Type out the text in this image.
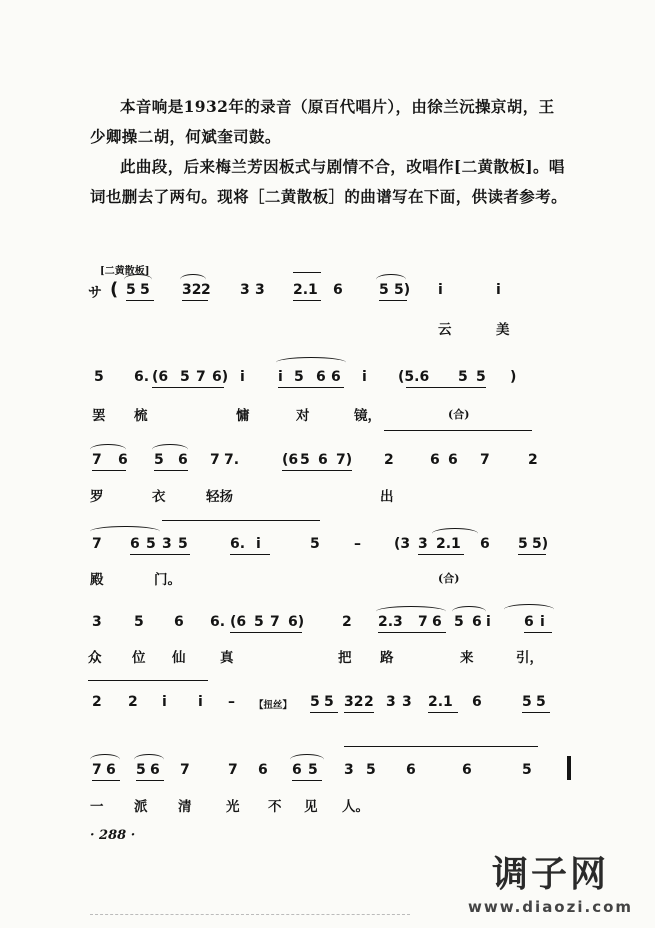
本音响是1932年的录音（原百代唱片），由徐兰沅操京胡，王少卿操二胡，何斌奎司鼓。

此曲段，后来梅兰芳因板式与剧情不合，改唱作[二黄散板]。唱词也删去了两句。现将［二黄散板］的曲谱写在下面，供读者参考。

[二黄散板]
サ ( 5 5 32 2 3 3 2.1 6	5 5) i	i
云	美
5 6. (6 5 7 6) i i 5 6 6 i (5.6 5 5 )
罢 梳	慵	对	镜，	(合)
7 6 5 6 7 7.	(6 5 6 7) 2	6 6 7	2
罗	衣	轻扬	出
7 6 5 3 5	6. i	5 – (3 3 2.1 6 5 5)
殿	门。	(合)
3 5 6 6. (6 5 7 6)	2 2.3 7 6 5 6 i 6 i
众 位 仙	真	把 路	来	引，
2 2 i i – 【扭丝】 5 5 32 2 3 3 2.1 6	5 5
7 6 5 6 7	7 6 6 5 3 5 6	6	5
一 派 清	光 不 见 人。
· 288 ·
调子网
www.diaozi.com
